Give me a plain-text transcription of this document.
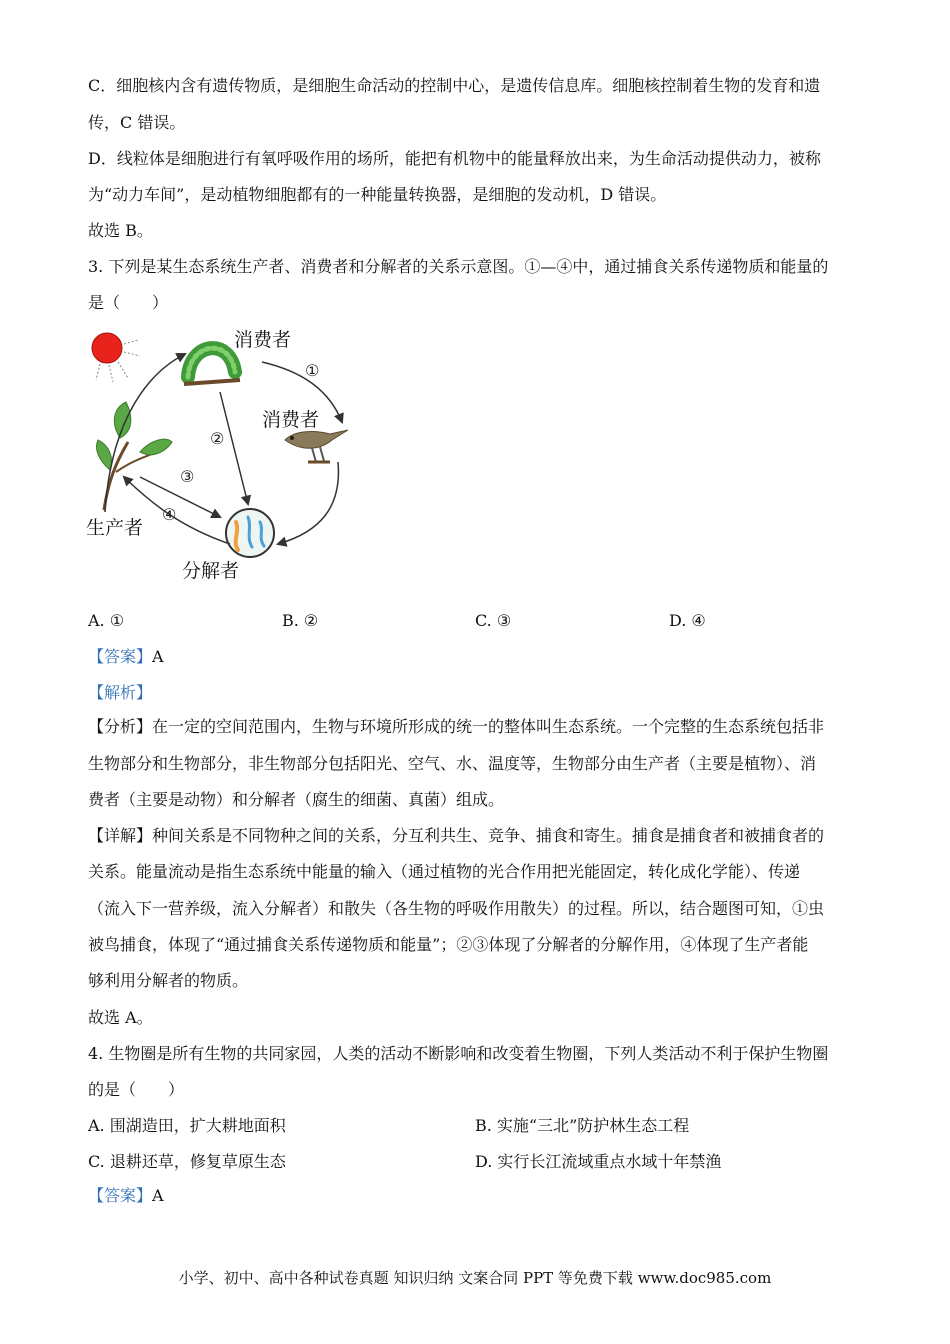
C．细胞核内含有遗传物质，是细胞生命活动的控制中心，是遗传信息库。细胞核控制着生物的发育和遗
传，C 错误。
D．线粒体是细胞进行有氧呼吸作用的场所，能把有机物中的能量释放出来，为生命活动提供动力，被称
为“动力车间”，是动植物细胞都有的一种能量转换器，是细胞的发动机，D 错误。
故选 B。
3. 下列是某生态系统生产者、消费者和分解者的关系示意图。①—④中，通过捕食关系传递物质和能量的
是（　　）
①
②
③
④
消费者
消费者
生产者
分解者
A. ①	B. ②	C. ③	D. ④
【答案】A
【解析】
【分析】在一定的空间范围内，生物与环境所形成的统一的整体叫生态系统。一个完整的生态系统包括非
生物部分和生物部分，非生物部分包括阳光、空气、水、温度等，生物部分由生产者（主要是植物）、消
费者（主要是动物）和分解者（腐生的细菌、真菌）组成。
【详解】种间关系是不同物种之间的关系，分互利共生、竞争、捕食和寄生。捕食是捕食者和被捕食者的
关系。能量流动是指生态系统中能量的输入（通过植物的光合作用把光能固定，转化成化学能）、传递
（流入下一营养级，流入分解者）和散失（各生物的呼吸作用散失）的过程。所以，结合题图可知，①虫
被鸟捕食，体现了“通过捕食关系传递物质和能量”；②③体现了分解者的分解作用，④体现了生产者能
够利用分解者的物质。
故选 A。
4. 生物圈是所有生物的共同家园，人类的活动不断影响和改变着生物圈，下列人类活动不利于保护生物圈
的是（　　）
A. 围湖造田，扩大耕地面积	B. 实施“三北”防护林生态工程
C. 退耕还草，修复草原生态	D. 实行长江流域重点水域十年禁渔
【答案】A
小学、初中、高中各种试卷真题 知识归纳 文案合同 PPT 等免费下载 www.doc985.com
